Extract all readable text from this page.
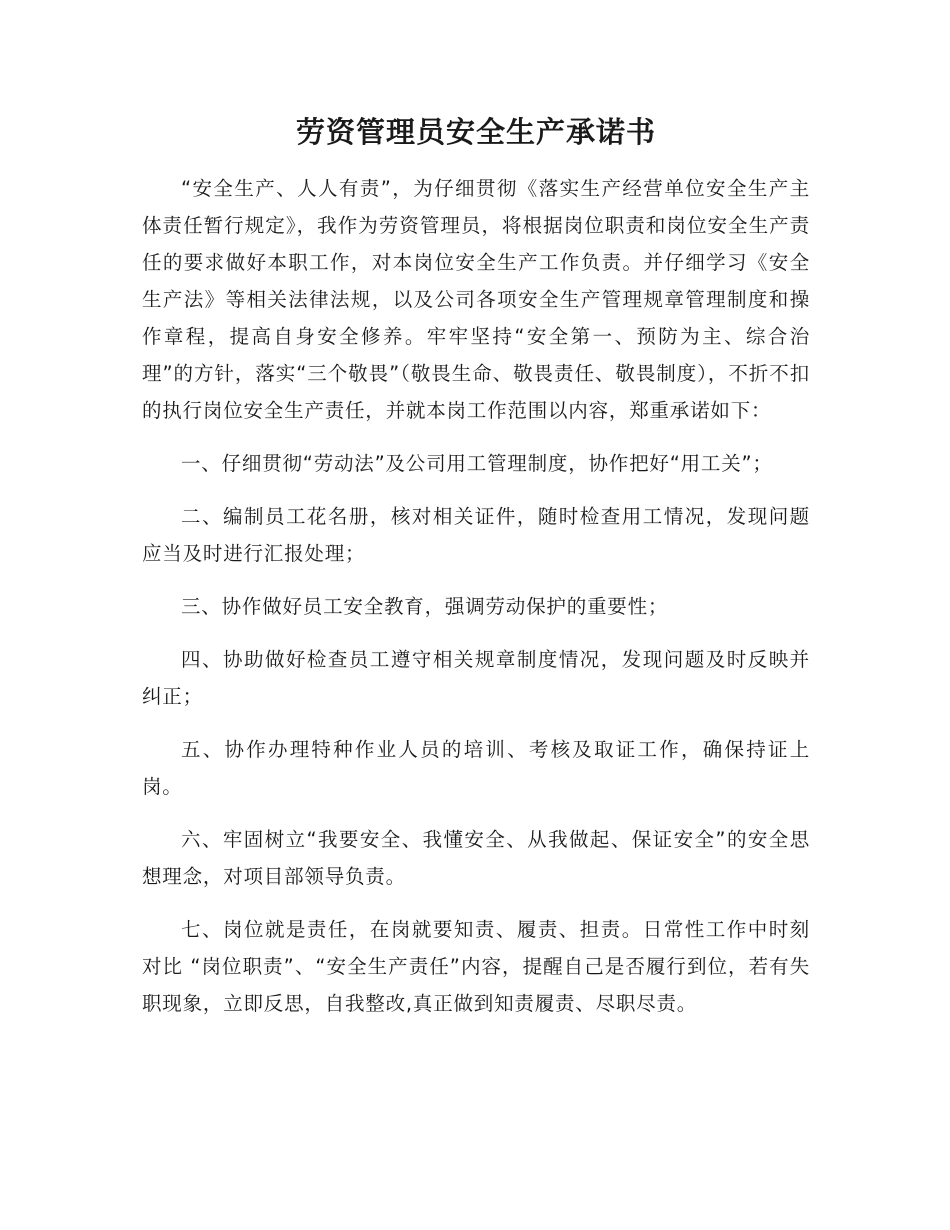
劳资管理员安全生产承诺书

“安全生产、人人有责”，为仔细贯彻《落实生产经营单位安全生产主体责任暂行规定》，我作为劳资管理员，将根据岗位职责和岗位安全生产责任的要求做好本职工作，对本岗位安全生产工作负责。并仔细学习《安全生产法》等相关法律法规，以及公司各项安全生产管理规章管理制度和操作章程，提高自身安全修养。牢牢坚持“安全第一、预防为主、综合治理”的方针，落实“三个敬畏”（敬畏生命、敬畏责任、敬畏制度），不折不扣的执行岗位安全生产责任，并就本岗工作范围以内容，郑重承诺如下：

一、仔细贯彻“劳动法”及公司用工管理制度，协作把好“用工关”；

二、编制员工花名册，核对相关证件，随时检查用工情况，发现问题应当及时进行汇报处理；

三、协作做好员工安全教育，强调劳动保护的重要性；

四、协助做好检查员工遵守相关规章制度情况，发现问题及时反映并纠正；

五、协作办理特种作业人员的培训、考核及取证工作，确保持证上岗。

六、牢固树立“我要安全、我懂安全、从我做起、保证安全”的安全思想理念，对项目部领导负责。

七、岗位就是责任，在岗就要知责、履责、担责。日常性工作中时刻对比 “岗位职责”、“安全生产责任”内容，提醒自己是否履行到位，若有失职现象，立即反思，自我整改,真正做到知责履责、尽职尽责。
